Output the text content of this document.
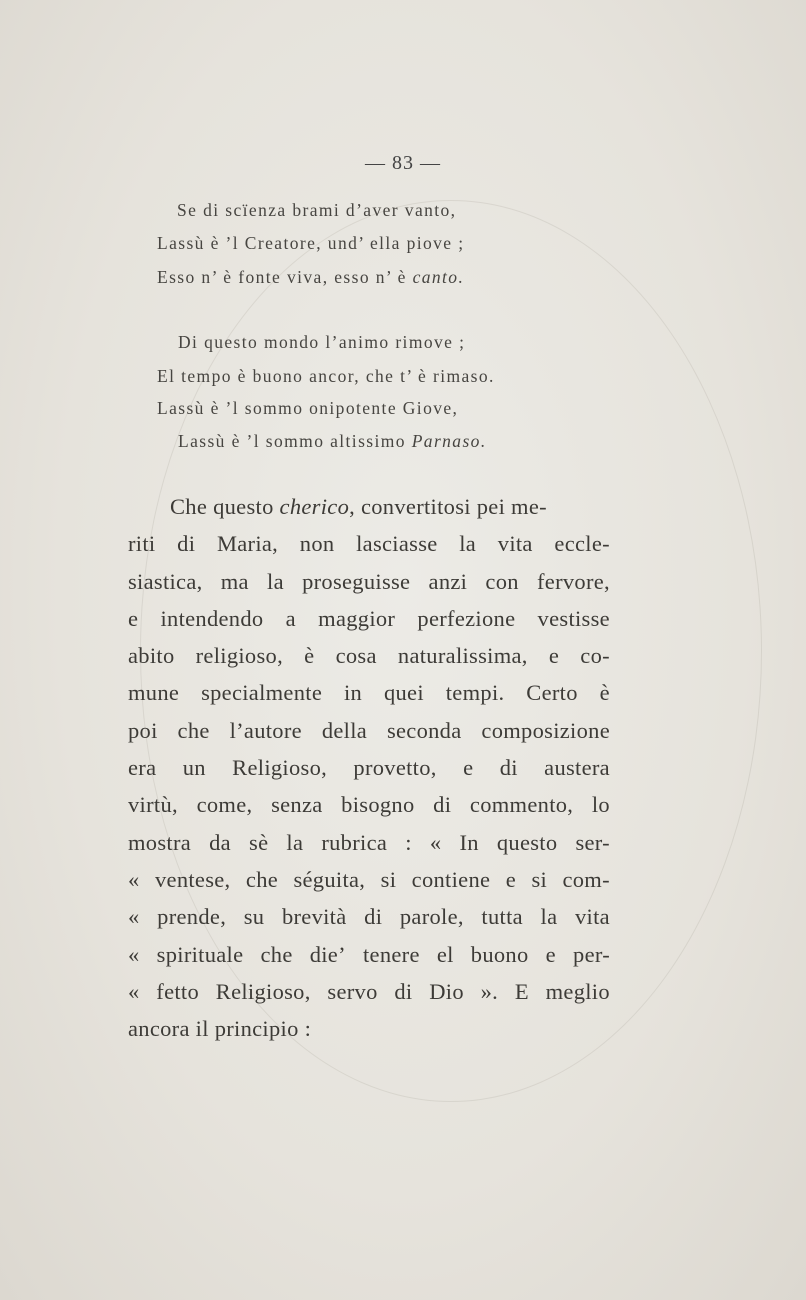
— 83 —
Se di scïenza brami d’aver vanto,
Lassù è ’l Creatore, und’ ella piove ;
Esso n’ è fonte viva, esso n’ è canto.
Di questo mondo l’animo rimove ;
El tempo è buono ancor, che t’ è rimaso.
Lassù è ’l sommo onipotente Giove,
Lassù è ’l sommo altissimo Parnaso.
Che questo cherico, convertitosi pei me-
riti di Maria, non lasciasse la vita eccle-
siastica, ma la proseguisse anzi con fervore,
e intendendo a maggior perfezione vestisse
abito religioso, è cosa naturalissima, e co-
mune specialmente in quei tempi. Certo è
poi che l’autore della seconda composizione
era un Religioso, provetto, e di austera
virtù, come, senza bisogno di commento, lo
mostra da sè la rubrica : « In questo ser-
« ventese, che séguita, si contiene e si com-
« prende, su brevità di parole, tutta la vita
« spirituale che die’ tenere el buono e per-
« fetto Religioso, servo di Dio ». E meglio
ancora il principio :
